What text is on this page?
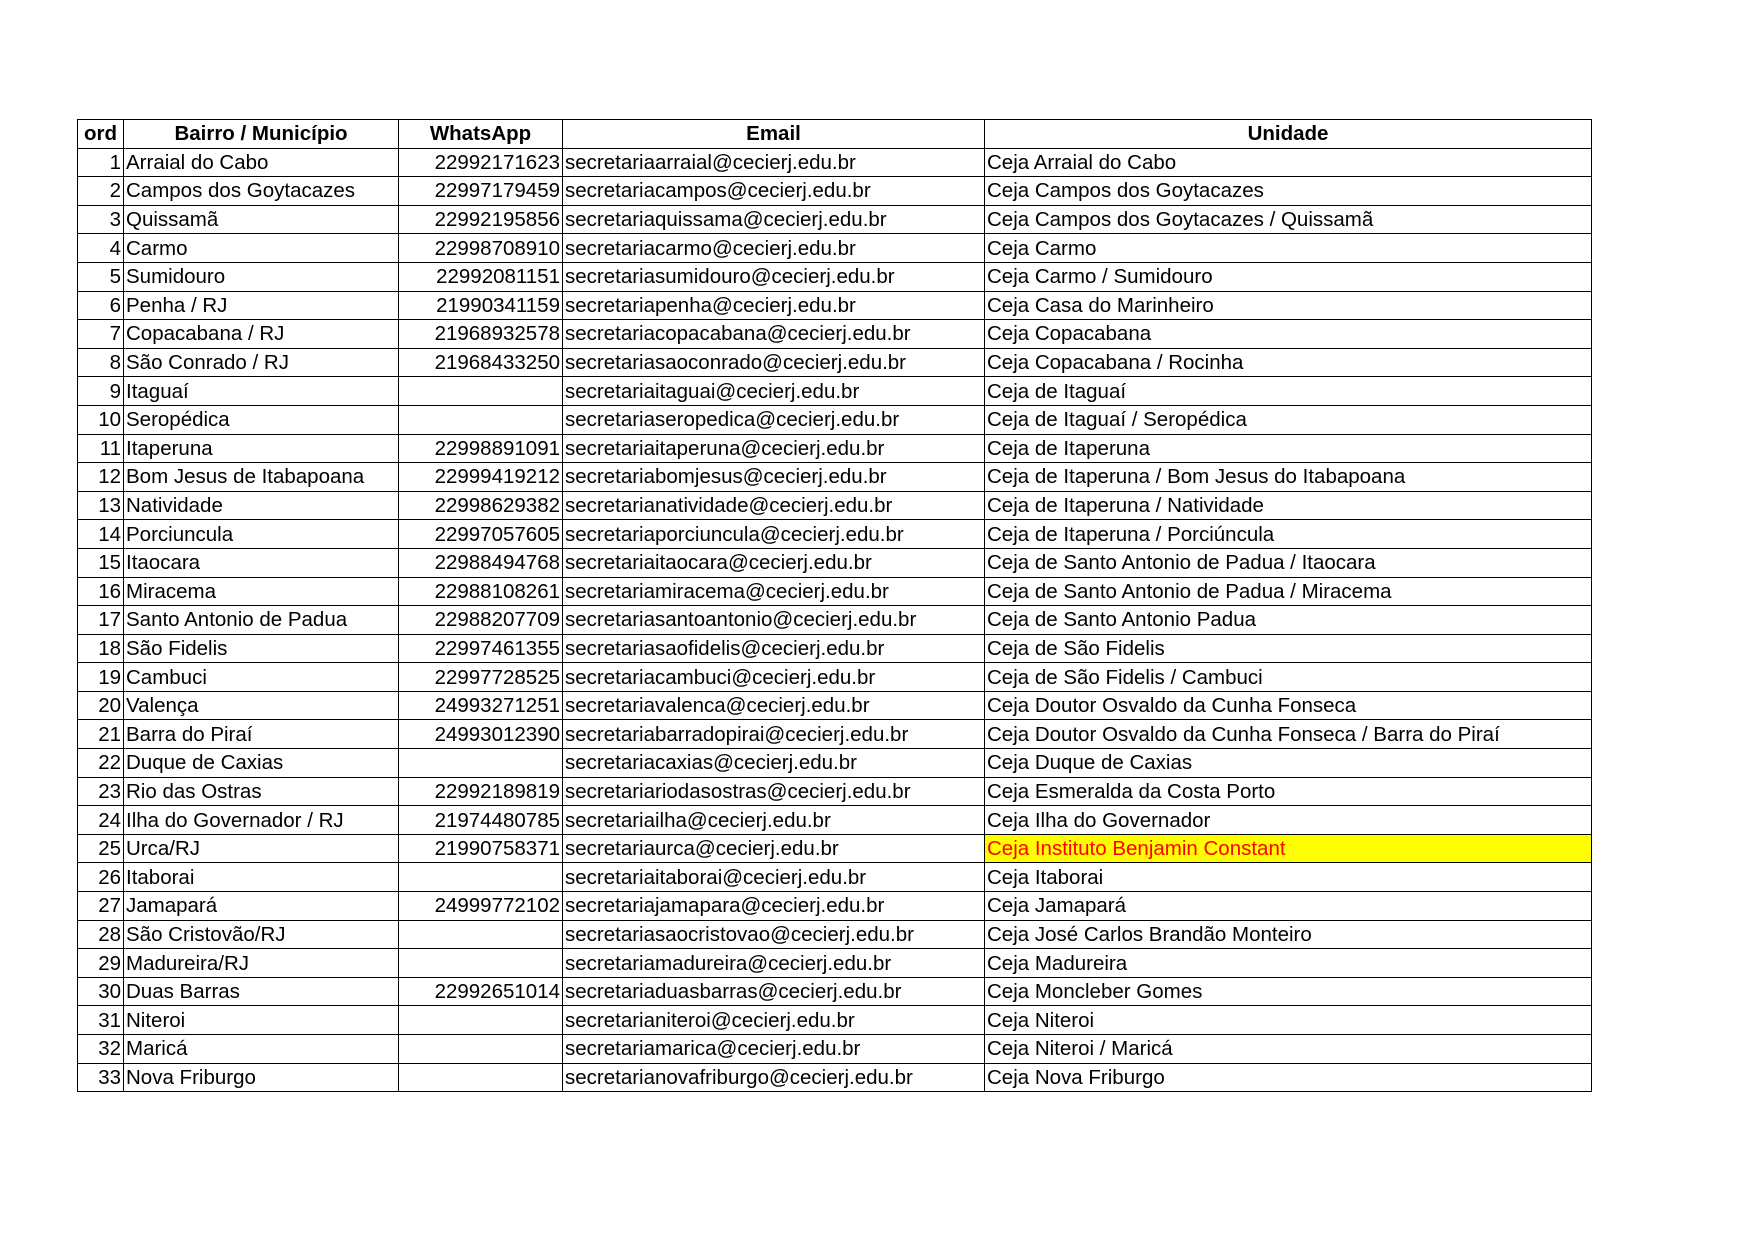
ord	Bairro / Município	WhatsApp	Email	Unidade
1	Arraial do Cabo	22992171623	secretariaarraial@cecierj.edu.br	Ceja Arraial do Cabo
2	Campos dos Goytacazes	22997179459	secretariacampos@cecierj.edu.br	Ceja Campos dos Goytacazes
3	Quissamã	22992195856	secretariaquissama@cecierj.edu.br	Ceja Campos dos Goytacazes / Quissamã
4	Carmo	22998708910	secretariacarmo@cecierj.edu.br	Ceja Carmo
5	Sumidouro	22992081151	secretariasumidouro@cecierj.edu.br	Ceja Carmo / Sumidouro
6	Penha / RJ	21990341159	secretariapenha@cecierj.edu.br	Ceja Casa do Marinheiro
7	Copacabana / RJ	21968932578	secretariacopacabana@cecierj.edu.br	Ceja Copacabana
8	São Conrado / RJ	21968433250	secretariasaoconrado@cecierj.edu.br	Ceja Copacabana / Rocinha
9	Itaguaí		secretariaitaguai@cecierj.edu.br	Ceja de Itaguaí
10	Seropédica		secretariaseropedica@cecierj.edu.br	Ceja de Itaguaí / Seropédica
11	Itaperuna	22998891091	secretariaitaperuna@cecierj.edu.br	Ceja de Itaperuna
12	Bom Jesus de Itabapoana	22999419212	secretariabomjesus@cecierj.edu.br	Ceja de Itaperuna / Bom Jesus do Itabapoana
13	Natividade	22998629382	secretarianatividade@cecierj.edu.br	Ceja de Itaperuna / Natividade
14	Porciuncula	22997057605	secretariaporciuncula@cecierj.edu.br	Ceja de Itaperuna / Porciúncula
15	Itaocara	22988494768	secretariaitaocara@cecierj.edu.br	Ceja de Santo Antonio de Padua / Itaocara
16	Miracema	22988108261	secretariamiracema@cecierj.edu.br	Ceja de Santo Antonio de Padua / Miracema
17	Santo Antonio de Padua	22988207709	secretariasantoantonio@cecierj.edu.br	Ceja de Santo Antonio Padua
18	São Fidelis	22997461355	secretariasaofidelis@cecierj.edu.br	Ceja de São Fidelis
19	Cambuci	22997728525	secretariacambuci@cecierj.edu.br	Ceja de São Fidelis / Cambuci
20	Valença	24993271251	secretariavalenca@cecierj.edu.br	Ceja Doutor Osvaldo da Cunha Fonseca
21	Barra do Piraí	24993012390	secretariabarradopirai@cecierj.edu.br	Ceja Doutor Osvaldo da Cunha Fonseca / Barra do Piraí
22	Duque de Caxias		secretariacaxias@cecierj.edu.br	Ceja Duque de Caxias
23	Rio das Ostras	22992189819	secretariariodasostras@cecierj.edu.br	Ceja Esmeralda da Costa Porto
24	Ilha do Governador / RJ	21974480785	secretariailha@cecierj.edu.br	Ceja Ilha do Governador
25	Urca/RJ	21990758371	secretariaurca@cecierj.edu.br	Ceja Instituto Benjamin Constant
26	Itaborai		secretariaitaborai@cecierj.edu.br	Ceja Itaborai
27	Jamapará	24999772102	secretariajamapara@cecierj.edu.br	Ceja Jamapará
28	São Cristovão/RJ		secretariasaocristovao@cecierj.edu.br	Ceja José Carlos Brandão Monteiro
29	Madureira/RJ		secretariamadureira@cecierj.edu.br	Ceja Madureira
30	Duas Barras	22992651014	secretariaduasbarras@cecierj.edu.br	Ceja Moncleber Gomes
31	Niteroi		secretarianiteroi@cecierj.edu.br	Ceja Niteroi
32	Maricá		secretariamarica@cecierj.edu.br	Ceja Niteroi / Maricá
33	Nova Friburgo		secretarianovafriburgo@cecierj.edu.br	Ceja Nova Friburgo
